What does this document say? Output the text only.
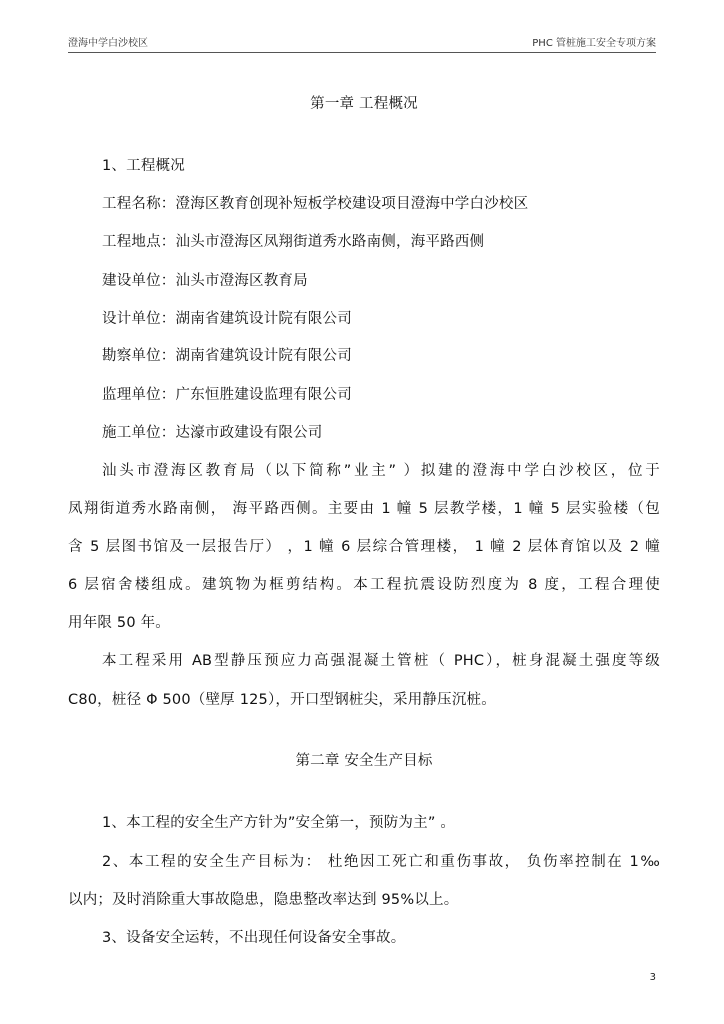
澄海中学白沙校区	PHC 管桩施工安全专项方案
第一章 工程概况
1、工程概况
工程名称：澄海区教育创现补短板学校建设项目澄海中学白沙校区
工程地点：汕头市澄海区凤翔街道秀水路南侧，海平路西侧
建设单位：汕头市澄海区教育局
设计单位：湖南省建筑设计院有限公司
勘察单位：湖南省建筑设计院有限公司
监理单位：广东恒胜建设监理有限公司
施工单位：达濠市政建设有限公司
汕头市澄海区教育局（以下简称”业主” ）拟建的澄海中学白沙校区，位于
凤翔街道秀水路南侧， 海平路西侧。主要由 1 幢 5 层教学楼，1 幢 5 层实验楼（包
含 5 层图书馆及一层报告厅） ，1 幢 6 层综合管理楼， 1 幢 2 层体育馆以及 2 幢
6 层宿舍楼组成。建筑物为框剪结构。本工程抗震设防烈度为 8 度，工程合理使
用年限 50 年。
本工程采用 AB型静压预应力高强混凝土管桩（ PHC），桩身混凝土强度等级
C80，桩径 Φ 500（壁厚 125），开口型钢桩尖，采用静压沉桩。
第二章 安全生产目标
1、本工程的安全生产方针为”安全第一，预防为主” 。
2、本工程的安全生产目标为： 杜绝因工死亡和重伤事故， 负伤率控制在 1‰
以内；及时消除重大事故隐患，隐患整改率达到 95%以上。
3、设备安全运转，不出现任何设备安全事故。
3
